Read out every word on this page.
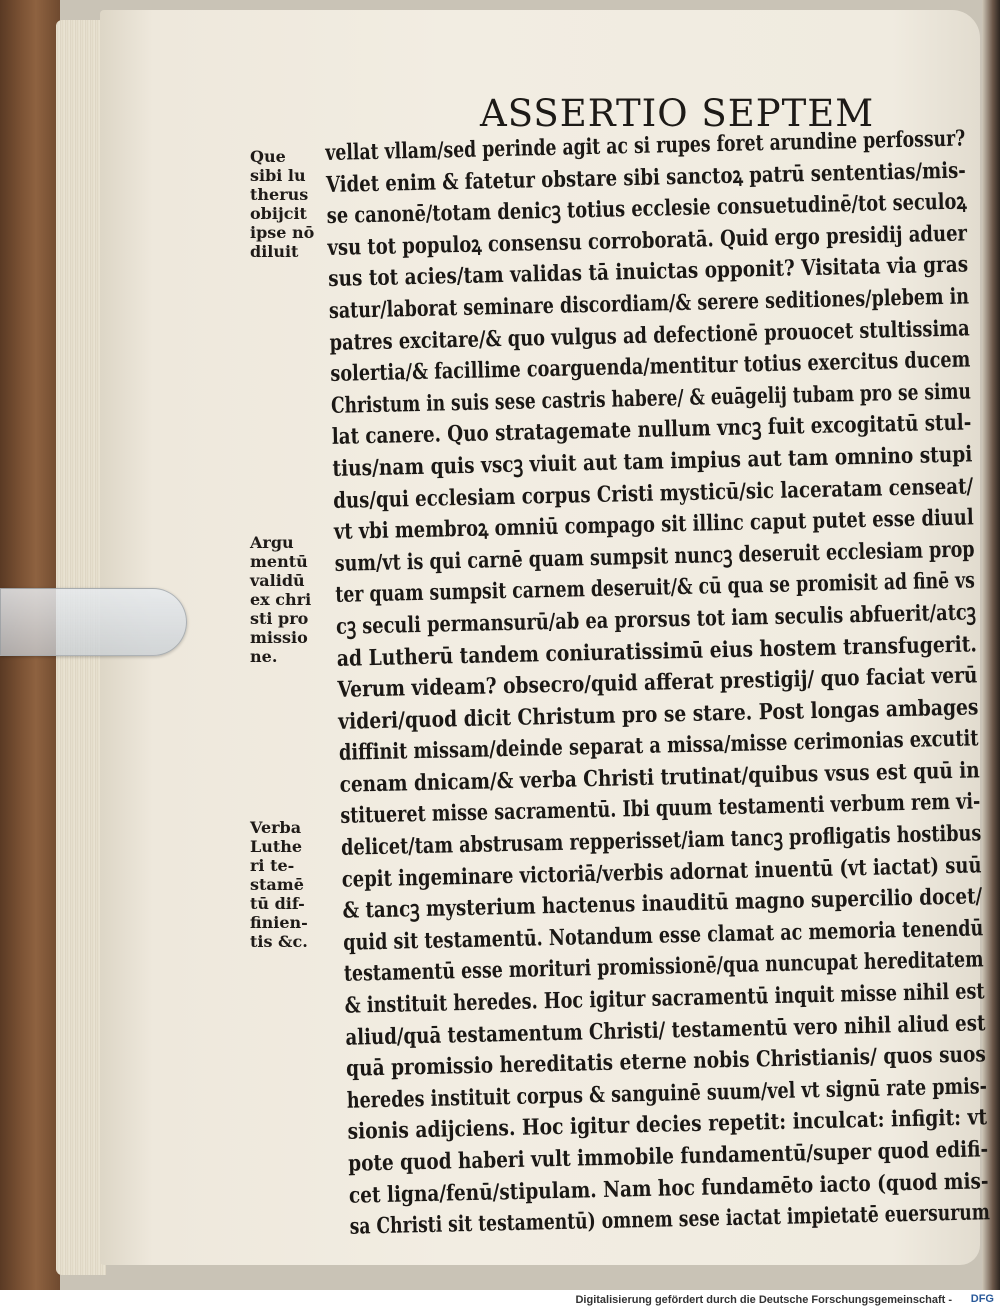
ASSERTIO SEPTEM
Que
sibi lu
therus
obijcit
ipse nō
diluit
Argu
mentū
validū
ex chri
sti pro
missio
ne.
Verba
Luthe
ri te-
stamē
tū dif-
finien-
tis &c.
vellat vllam/sed perinde agit ac si rupes foret arundine perfossur?
Videt enim & fatetur obstare sibi sanctoꝝ patrū sententias/mis-
se canonē/totam denicꝫ totius ecclesie consuetudinē/tot seculoꝝ
vsu tot populoꝝ consensu corroboratā. Quid ergo presidij aduer
sus tot acies/tam validas tā inuictas opponit? Visitata via gras
satur/laborat seminare discordiam/& serere seditiones/plebem in
patres excitare/& quo vulgus ad defectionē prouocet stultissima
solertia/& facillime coarguenda/mentitur totius exercitus ducem
Christum in suis sese castris habere/ & euāgelij tubam pro se simu
lat canere. Quo stratagemate nullum vncꝫ fuit excogitatū stul-
tius/nam quis vscꝫ viuit aut tam impius aut tam omnino stupi
dus/qui ecclesiam corpus Cristi mysticū/sic laceratam censeat/
vt vbi membroꝝ omniū compago sit illinc caput putet esse diuul
sum/vt is qui carnē quam sumpsit nuncꝫ deseruit ecclesiam prop
ter quam sumpsit carnem deseruit/& cū qua se promisit ad finē vs
cꝫ seculi permansurū/ab ea prorsus tot iam seculis abfuerit/atcꝫ
ad Lutherū tandem coniuratissimū eius hostem transfugerit.
Verum videam? obsecro/quid afferat prestigij/ quo faciat verū
videri/quod dicit Christum pro se stare. Post longas ambages
diffinit missam/deinde separat a missa/misse cerimonias excutit
cenam dnicam/& verba Christi trutinat/quibus vsus est quū in
stitueret misse sacramentū. Ibi quum testamenti verbum rem vi-
delicet/tam abstrusam repperisset/iam tancꝫ profligatis hostibus
cepit ingeminare victoriā/verbis adornat inuentū (vt iactat) suū
& tancꝫ mysterium hactenus inauditū magno supercilio docet/
quid sit testamentū. Notandum esse clamat ac memoria tenendū
testamentū esse morituri promissionē/qua nuncupat hereditatem
& instituit heredes. Hoc igitur sacramentū inquit misse nihil est
aliud/quā testamentum Christi/ testamentū vero nihil aliud est
quā promissio hereditatis eterne nobis Christianis/ quos suos
heredes instituit corpus & sanguinē suum/vel vt signū rate pmis-
sionis adijciens. Hoc igitur decies repetit: inculcat: infigit: vt
pote quod haberi vult immobile fundamentū/super quod edifi-
cet ligna/fenū/stipulam. Nam hoc fundamēto iacto (quod mis-
sa Christi sit testamentū) omnem sese iactat impietatē euersurum
Digitalisierung gefördert durch die Deutsche Forschungsgemeinschaft - DFG
